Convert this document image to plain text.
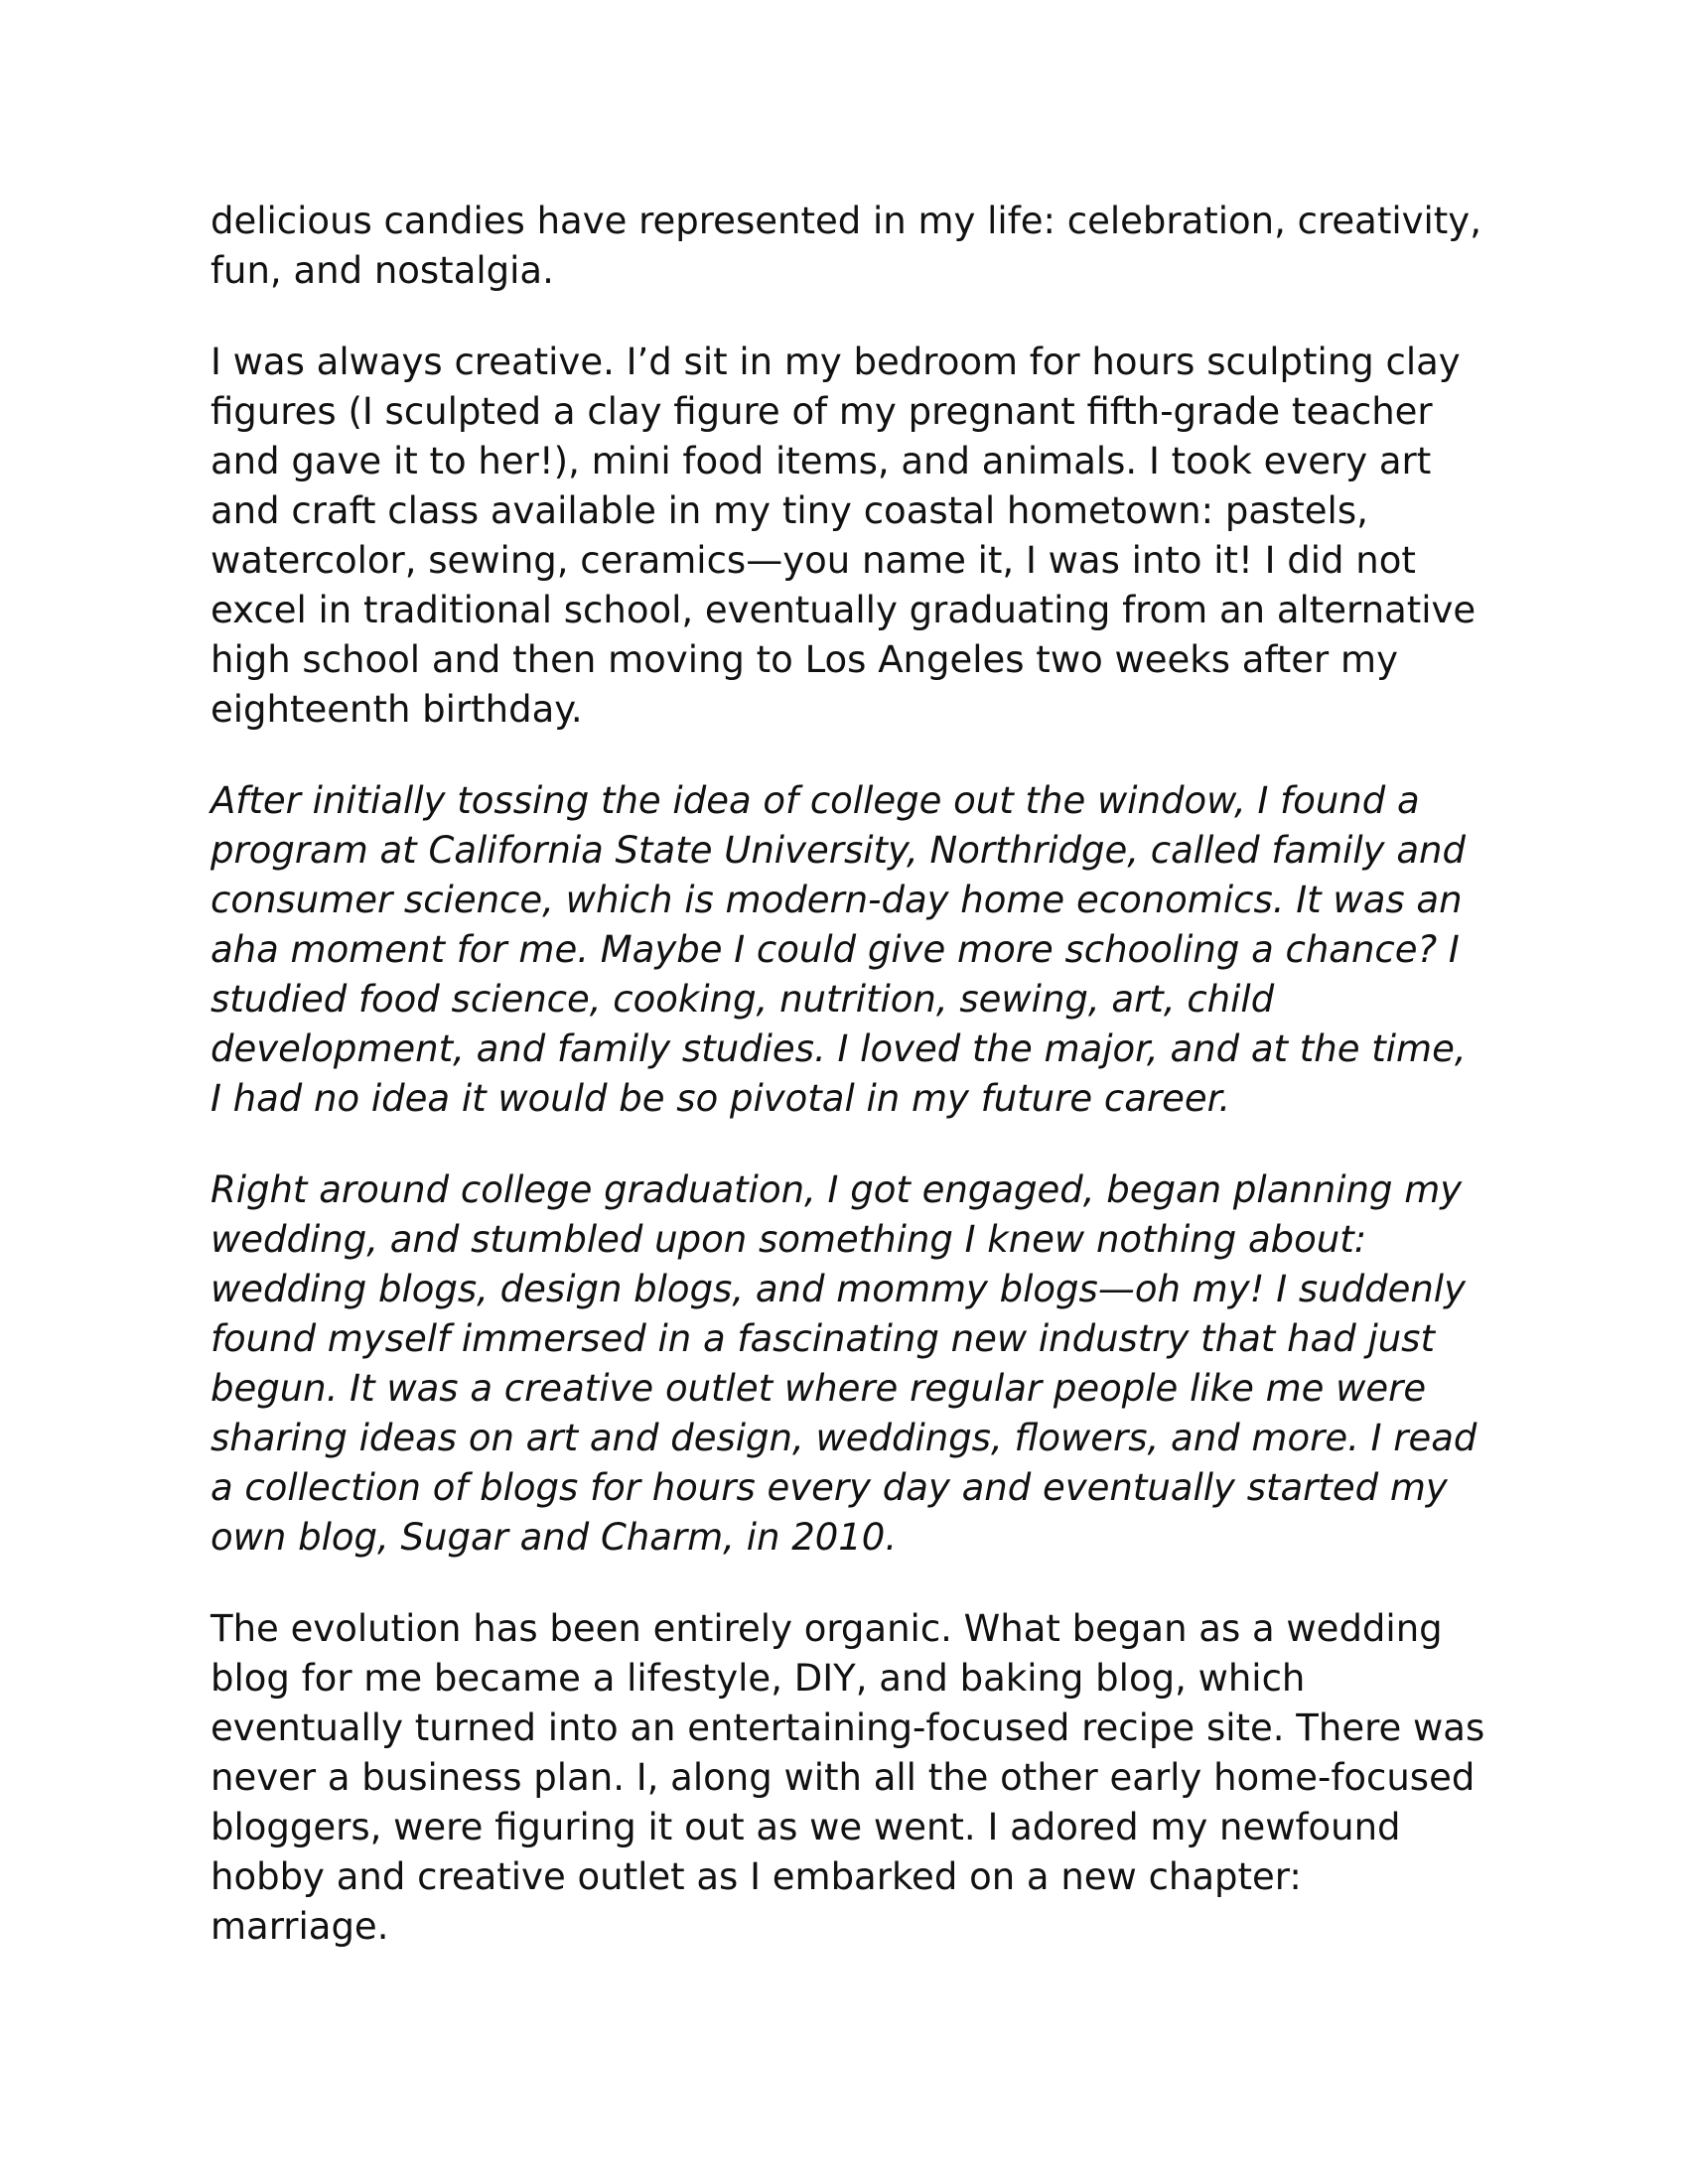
delicious candies have represented in my life: celebration, creativity,
fun, and nostalgia.

I was always creative. I’d sit in my bedroom for hours sculpting clay
figures (I sculpted a clay figure of my pregnant fifth-grade teacher
and gave it to her!), mini food items, and animals. I took every art
and craft class available in my tiny coastal hometown: pastels,
watercolor, sewing, ceramics—you name it, I was into it! I did not
excel in traditional school, eventually graduating from an alternative
high school and then moving to Los Angeles two weeks after my
eighteenth birthday.

After initially tossing the idea of college out the window, I found a
program at California State University, Northridge, called family and
consumer science, which is modern-day home economics. It was an
aha moment for me. Maybe I could give more schooling a chance? I
studied food science, cooking, nutrition, sewing, art, child
development, and family studies. I loved the major, and at the time,
I had no idea it would be so pivotal in my future career.

Right around college graduation, I got engaged, began planning my
wedding, and stumbled upon something I knew nothing about:
wedding blogs, design blogs, and mommy blogs—oh my! I suddenly
found myself immersed in a fascinating new industry that had just
begun. It was a creative outlet where regular people like me were
sharing ideas on art and design, weddings, flowers, and more. I read
a collection of blogs for hours every day and eventually started my
own blog, Sugar and Charm, in 2010.

The evolution has been entirely organic. What began as a wedding
blog for me became a lifestyle, DIY, and baking blog, which
eventually turned into an entertaining-focused recipe site. There was
never a business plan. I, along with all the other early home-focused
bloggers, were figuring it out as we went. I adored my newfound
hobby and creative outlet as I embarked on a new chapter:
marriage.
